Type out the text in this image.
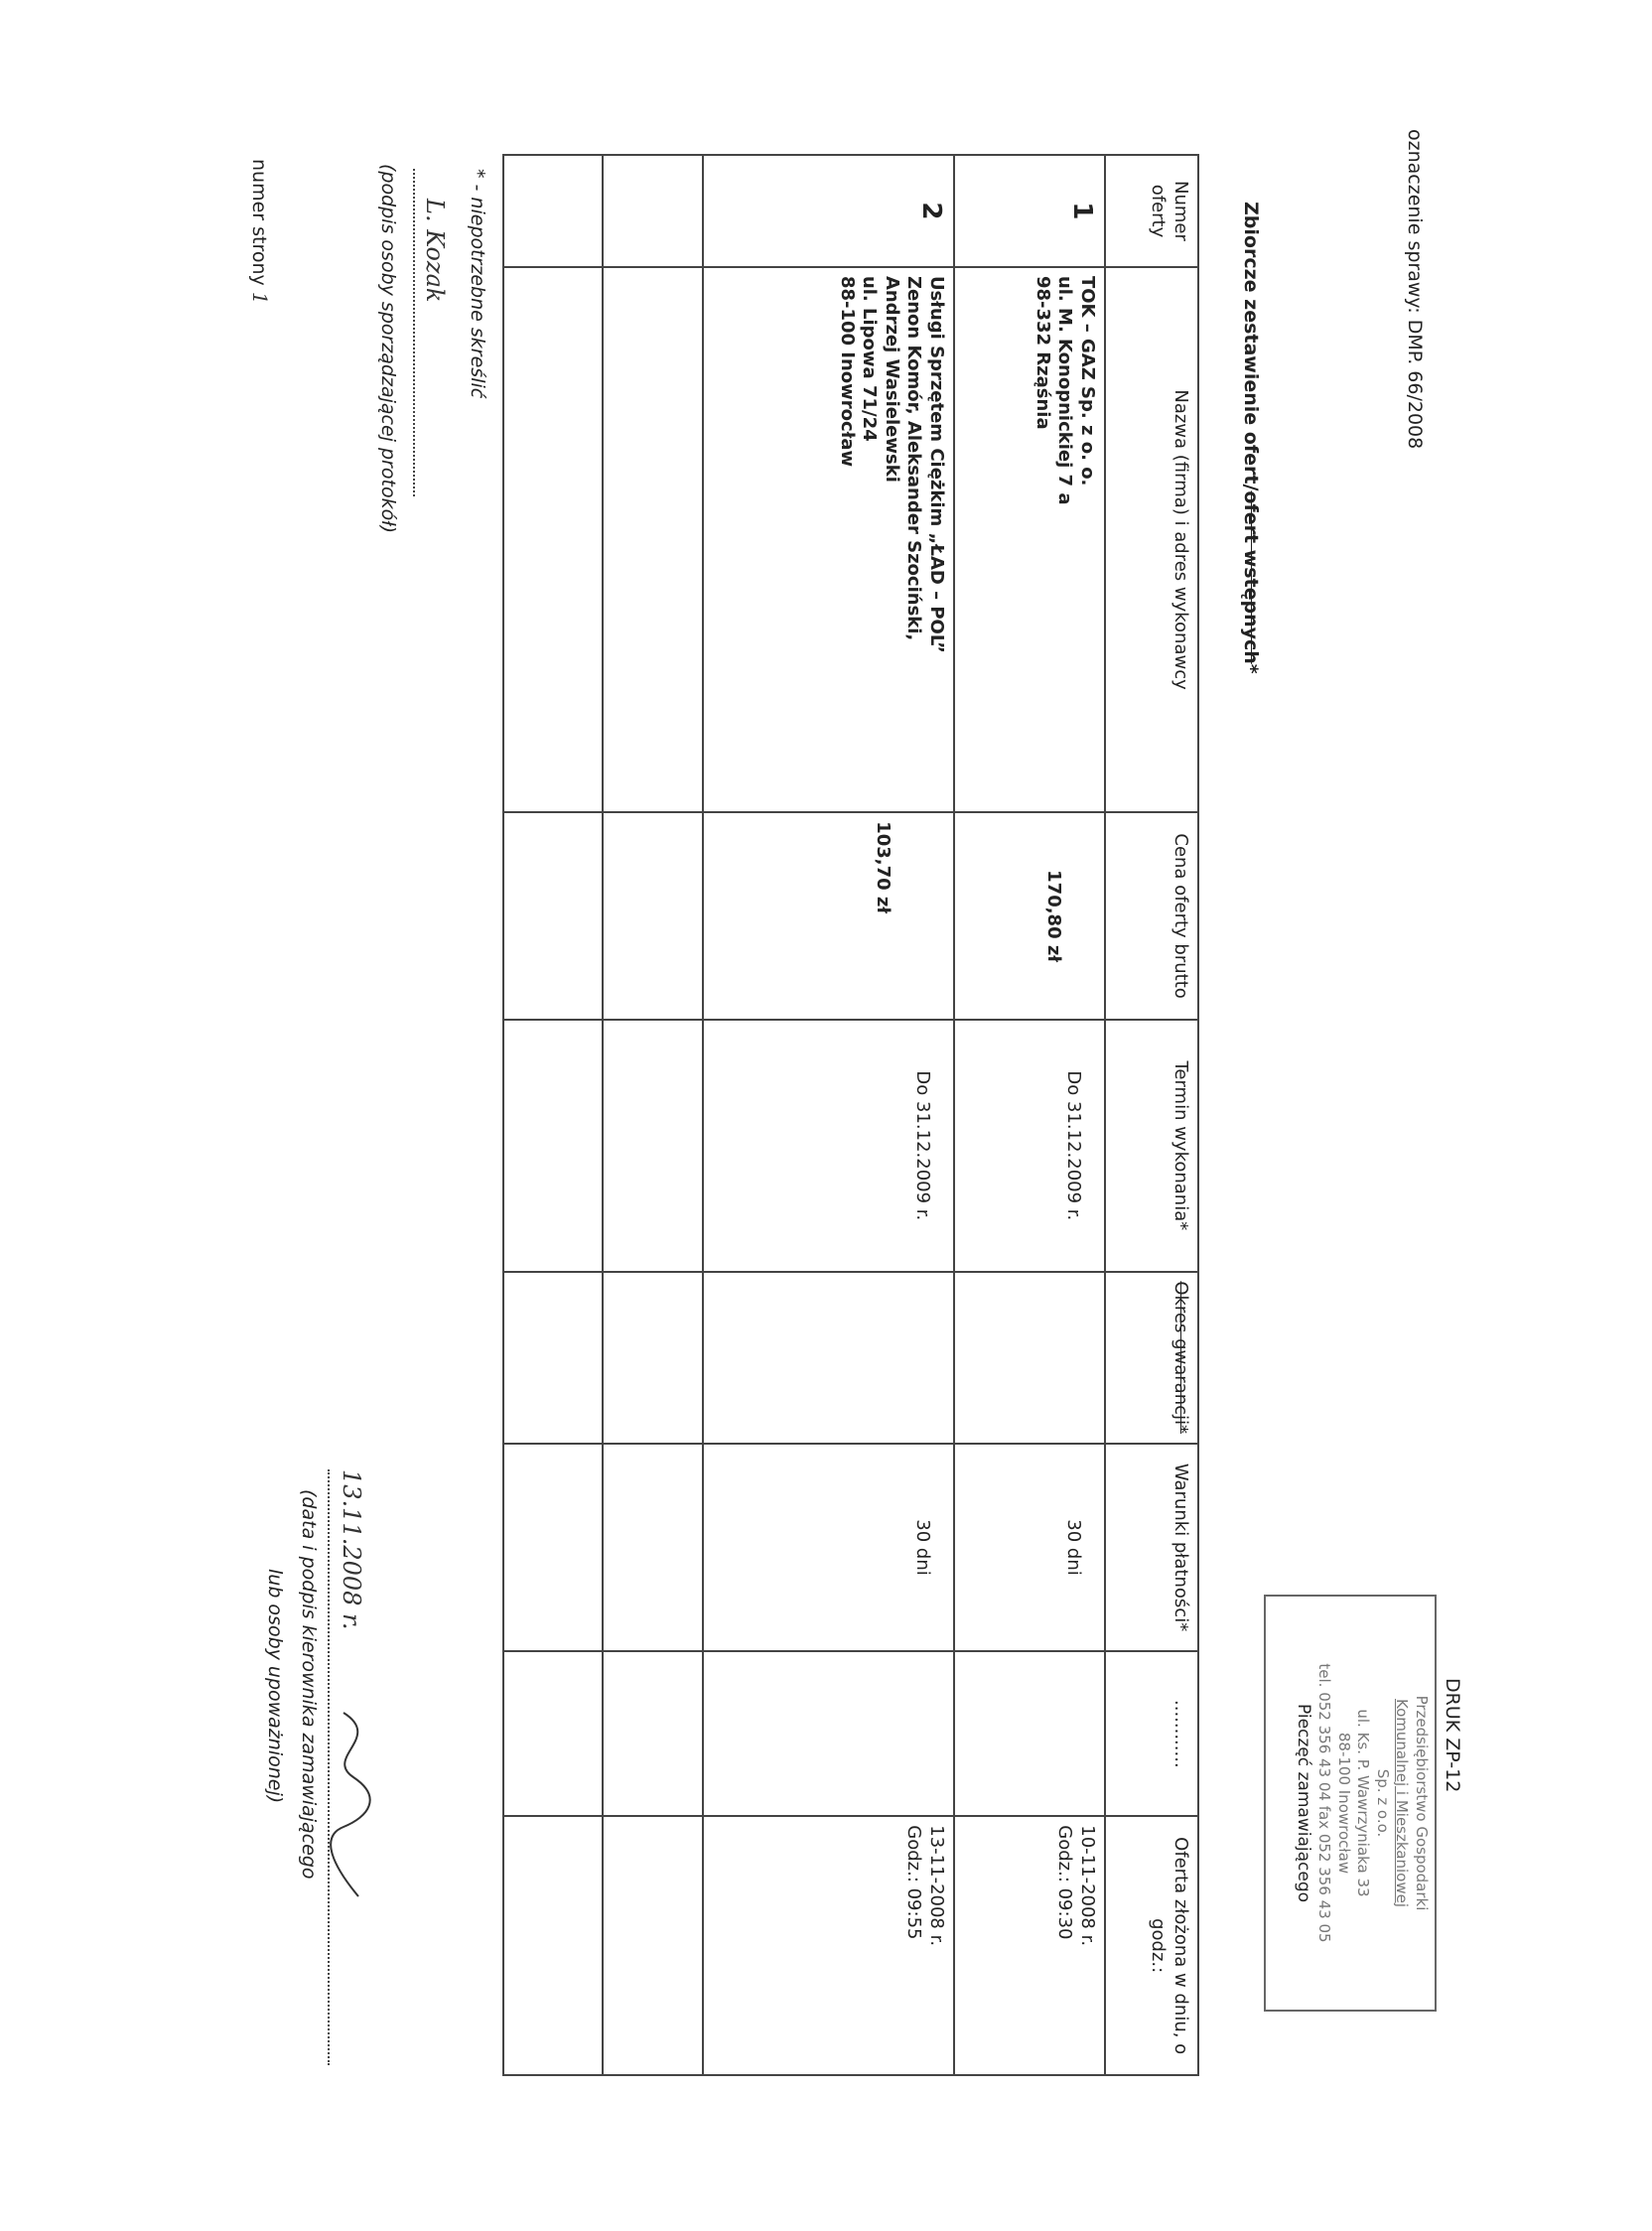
oznaczenie sprawy: DMP. 66/2008
DRUK ZP-12
Przedsiębiorstwo Gospodarki
Komunalnej i Mieszkaniowej
Sp. z o.o.
ul. Ks. P. Wawrzyniaka 33
88-100 Inowrocław
tel. 052 356 43 04 fax 052 356 43 05
Pieczęć zamawiającego
Zbiorcze zestawienie ofert/ofert wstępnych*
Numer oferty	Nazwa (firma) i adres wykonawcy	Cena oferty brutto	Termin wykonania*	Okres gwarancji*	Warunki płatności*	............	Oferta złożona w dniu, o godz.:
1	TOK – GAZ Sp. z o. o.
ul. M. Konopnickiej 7 a
98-332 Rząśnia	170,80 zł	Do 31.12.2009 r.		30 dni		10-11-2008 r.
Godz.: 09:30

2	Usługi Sprzętem Ciężkim „ŁAD – POL”
Zenon Komór, Aleksander Szociński,
Andrzej Wasielewski
ul. Lipowa 71/24
88-100 Inowrocław	103,70 zł	Do 31.12.2009 r.		30 dni		13-11-2008 r.
Godz.: 09:55

* - niepotrzebne skreślić
L. Kozak
(podpis osoby sporządzającej protokół)
numer strony 1
13.11.2008 r.
(data i podpis kierownika zamawiającego
lub osoby upoważnionej)
